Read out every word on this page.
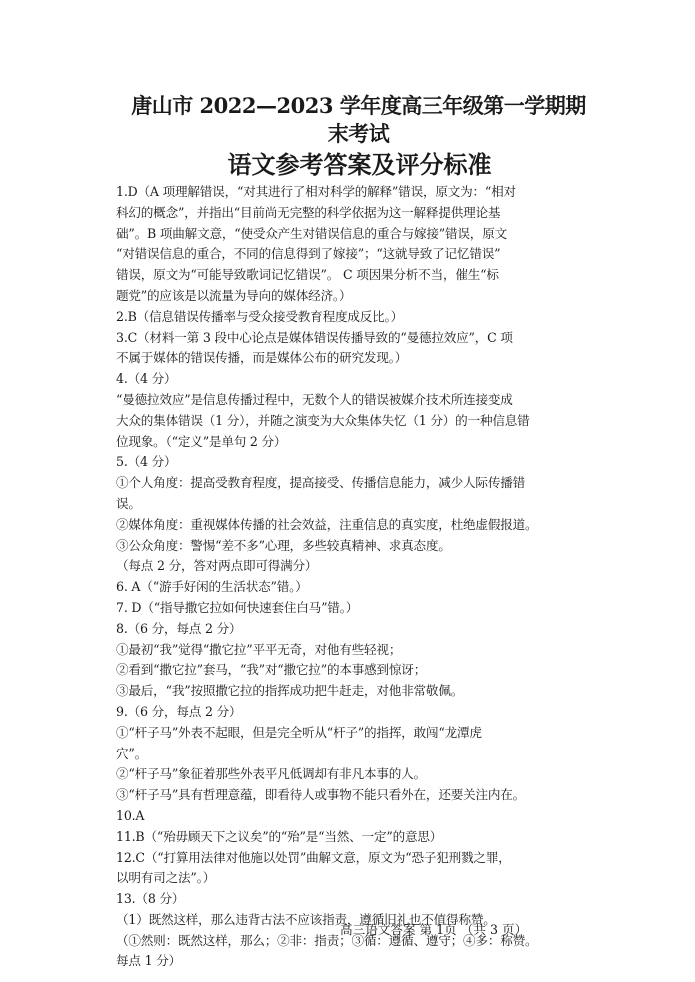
唐山市 2022—2023 学年度高三年级第一学期期
末考试
语文参考答案及评分标准

1.D（A 项理解错误，“对其进行了相对科学的解释”错误，原文为：“相对

科幻的概念”，并指出“目前尚无完整的科学依据为这一解释提供理论基

础”。B 项曲解文意，“使受众产生对错误信息的重合与嫁接”错误，原文

“对错误信息的重合，不同的信息得到了嫁接”；“这就导致了记忆错误”

错误，原文为“可能导致歌词记忆错误”。 C 项因果分析不当，催生“标

题党”的应该是以流量为导向的媒体经济。）

2.B（信息错误传播率与受众接受教育程度成反比。）

3.C（材料一第 3 段中心论点是媒体错误传播导致的“曼德拉效应”，C 项

不属于媒体的错误传播，而是媒体公布的研究发现。）

4.（4 分）

“曼德拉效应”是信息传播过程中，无数个人的错误被媒介技术所连接变成

大众的集体错误（1 分），并随之演变为大众集体失忆（1 分）的一种信息错

位现象。（“定义”是单句 2 分）

5.（4 分）

①个人角度：提高受教育程度，提高接受、传播信息能力，减少人际传播错

误。

②媒体角度：重视媒体传播的社会效益，注重信息的真实度，杜绝虚假报道。

③公众角度：警惕“差不多”心理，多些较真精神、求真态度。

（每点 2 分，答对两点即可得满分）

6. A（“游手好闲的生活状态”错。）

7. D（“指导撒它拉如何快速套住白马”错。）

8.（6 分，每点 2 分）

①最初“我”觉得“撒它拉”平平无奇，对他有些轻视；

②看到“撒它拉”套马，“我”对“撒它拉”的本事感到惊讶；

③最后，“我”按照撒它拉的指挥成功把牛赶走，对他非常敬佩。

9.（6 分，每点 2 分）

①“杆子马”外表不起眼，但是完全听从“杆子”的指挥，敢闯“龙潭虎

穴”。

②“杆子马”象征着那些外表平凡低调却有非凡本事的人。

③“杆子马”具有哲理意蕴，即看待人或事物不能只看外在，还要关注内在。

10.A

11.B（“殆毋顾天下之议矣”的“殆”是“当然、一定”的意思）

12.C（“打算用法律对他施以处罚”曲解文意，原文为“恐子犯刑戮之罪，

以明有司之法”。）

13.（8 分）

（1）既然这样，那么违背古法不应该指责，遵循旧礼也不值得称赞。

（①然则：既然这样，那么；②非：指责；③循：遵循、遵守；④多：称赞。

每点 1 分）

高三语文答案 第 1页 （共 3 页）
